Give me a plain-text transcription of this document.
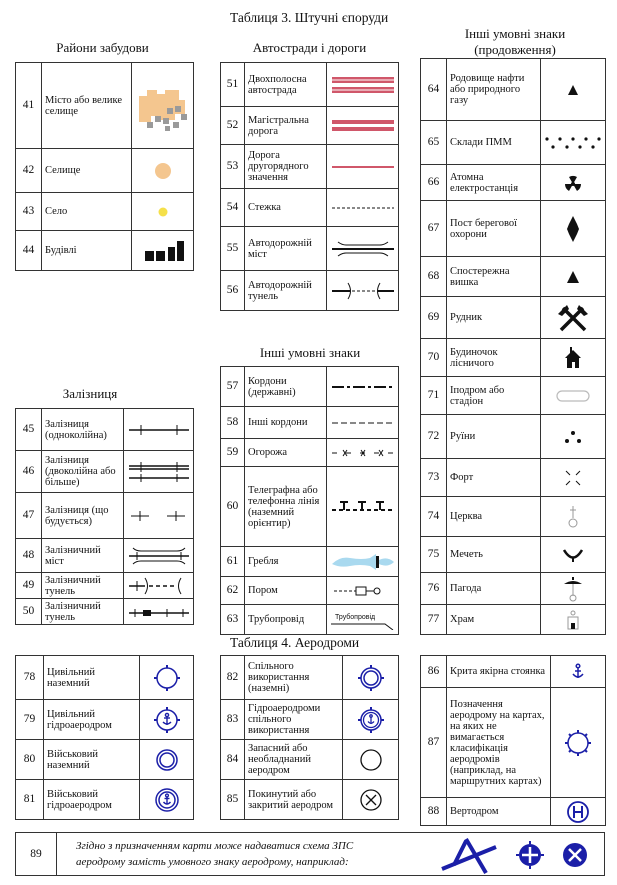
Таблиця 3. Штучні єпоруди
Райони забудови	Автостради і дороги
Інші умовні знаки
(продовження)
Інші умовні знаки
Залізниця
Таблиця 4. Аеродроми
41	Місто або велике селище	

42	Селище	

43	Село	

44	Будівлі	
51	Двохполосна автострада	

52	Магістральна дорога	

53	Дорога другорядного значення	

54	Стежка	

55	Автодорожній міст	

56	Автодорожній тунель	
57	Кордони (державні)	

58	Інші кордони	

59	Огорожа	

60	Телеграфна або телефонна лінія (наземний орієнтир)	

61	Гребля	

62	Пором	

63	Трубопровід	Трубопровід
45	Залізниця (одноколійна)	

46	Залізниця (двоколійна або більше)	

47	Залізниця (що будується)	

48	Залізничний міст	

49	Залізничний тунель	

50	Залізничний тунель	
64	Родовище нафти або природного газу	

65	Склади ПММ	

66	Атомна електростанція	

67	Пост берегової охорони	

68	Спостережна вишка	

69	Рудник	

70	Будиночок лісничого	

71	Іподром або стадіон	

72	Руїни	

73	Форт	

74	Церква	

75	Мечеть	

76	Пагода	

77	Храм	
78	Цивільний наземний	

79	Цивільний гідроаеродром	

80	Військовий наземний	

81	Військовий гідроаеродром	
82	Спільного використання (наземні)	

83	Гідроаеродроми спільного використання	

84	Запасний або необладнаний аеродром	

85	Покинутий або закритий аеродром	
86	Крита якірна стоянка	

87	Позначення аеродрому на картах, на яких не вимагається класифікація аеродромів (наприклад, на маршрутних картах)	

88	Вертодром	
89
Згідно з призначенням карти може надаватися схема ЗПС
аеродрому замість умовного знаку аеродрому, наприклад:
